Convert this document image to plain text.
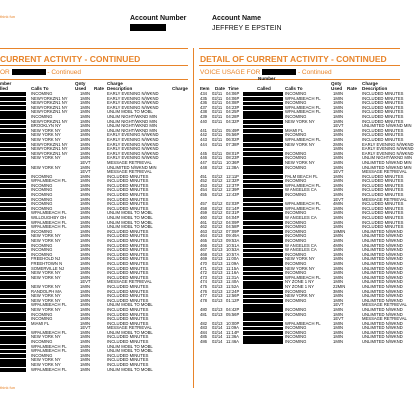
think fun	Account Number	Account Name
JEFFREY E EPSTEIN
CURRENT ACTIVITY - CONTINUED	DETAIL OF CURRENT ACTIVITY - CONTINUED
OR	- Continued	VOICE USAGE FOR	- Continued
mber
lled	Calls To
Qnty
Used Rate
Charge
Description	Charge
Number
Item Date Time	Called	Calls To
Qnty
Used Rate
Charge
Description
INCOMING	1MIN	EARLY EVENING N/WKND
NEWYORKZN1 NY	1MIN	EARLY EVENING N/WKND
NEWYORKZN1 NY	1MIN	EARLY EVENING N/WKND
NEWYORKZN1 NY	1MIN	EARLY EVENING N/WKND
NEWYORKZN1 NY	1MIN	UNLIM MOBL TO MOBL
INCOMING	1MIN	UNLIM NIGHT/WKND MIN
NEWYORKZN1 NY	1MIN	UNLIM NIGHT/WKND MIN
BROOKLYN NY	1MIN	UNLIM NIGHT/WKND MIN
NEW YORK NY	1MIN	UNLIM NIGHT/WKND MIN
NEW YORK NY	1MIN	EARLY EVENING N/WKND
NEW YORK NY	1MIN	EARLY EVENING N/WKND
NEWYORKZN1 NY	1MIN	EARLY EVENING N/WKND
NEWYORKZN1 NY	1MIN	EARLY EVENING N/WKND
NEWYORKZN1 NY	1MIN	EARLY EVENING N/WKND
NEW YORK NY	1MIN	EARLY EVENING N/WKND
1EVT	MESSAGE RETRIEVAL
NEW YORK NY	1MIN	UNLIMITED N/WKND MIN
1EVT	MESSAGE RETRIEVAL
INCOMING	1MIN	INCLUDED MINUTES
WPALMBEACH FL	1MIN	INCLUDED MINUTES
INCOMING	1MIN	INCLUDED MINUTES
INCOMING	1MIN	INCLUDED MINUTES
INCOMING	1MIN	INCLUDED MINUTES
INCOMING	1MIN	INCLUDED MINUTES
INCOMING	1MIN	INCLUDED MINUTES
INCOMING	1MIN	INCLUDED MINUTES
WPALMBEACH FL	1MIN	UNLIM MOBL TO MOBL
WILLOUGHBY OH	1MIN	UNLIM MOBL TO MOBL
WPALMBEACH FL	1MIN	UNLIM MOBL TO MOBL
WPALMBEACH FL	1MIN	UNLIM MOBL TO MOBL
INCOMING	1MIN	INCLUDED MINUTES
NEW YORK NY	1MIN	INCLUDED MINUTES
NEW YORK NY	1MIN	INCLUDED MINUTES
INCOMING	1MIN	INCLUDED MINUTES
INCOMING	1MIN	INCLUDED MINUTES
INCOMING	1MIN	INCLUDED MINUTES
FREEHOLD NJ	1MIN	INCLUDED MINUTES
FREEHTOWN N	1MIN	INCLUDED MINUTES
SOMERVILLE NJ	1MIN	INCLUDED MINUTES
NEW YORK NY	1MIN	INCLUDED MINUTES
NEW YORK NY	1MIN	INCLUDED MINUTES
1EVT	MESSAGE RETRIEVAL
NEW YORK NY	1MIN	INCLUDED MINUTES
RANDOLPH MA	1MIN	INCLUDED MINUTES
NEW YORK NY	1MIN	INCLUDED MINUTES
NEW YORK NY	1MIN	INCLUDED MINUTES
WPALMBEACH FL	1MIN	UNLIM MOBL TO MOBL
NEW YORK NY	1MIN	INCLUDED MINUTES
INCOMING	1MIN	INCLUDED MINUTES
INCOMING	1MIN	INCLUDED MINUTES
MIAMI FL	1MIN	INCLUDED MINUTES
1EVT	MESSAGE RETRIEVAL
WPALMBEACH FL	1MIN	UNLIM MOBL TO MOBL
NEW YORK NY	1MIN	INCLUDED MINUTES
INCOMING	1MIN	INCLUDED MINUTES
WPALMBEACH FL	1MIN	UNLIM MOBL TO MOBL
WPALMBEACH FL	1MIN	UNLIM MOBL TO MOBL
INCOMING	1MIN	INCLUDED MINUTES
NEW YORK NY	1MIN	INCLUDED MINUTES
NEW YORK NY	1MIN	INCLUDED MINUTES
WPALMBEACH FL	1MIN	UNLIM MOBL TO MOBL
434	02/11 04:06P	INCOMING	1MIN	INCLUDED MINUTES
435	02/11 04:06P	WPALMBEACH FL	1MIN	INCLUDED MINUTES
436	02/11 04:08P	INCOMING	1MIN	INCLUDED MINUTES
437	02/11 04:23P	WPALMBEACH FL	1MIN	INCLUDED MINUTES
438	02/11 04:25P	WPALMBEACH FL	1MIN	INCLUDED MINUTES
439	02/11 04:28P	INCOMING	1MIN	INCLUDED MINUTES
440	02/11 04:32P	NEW YORK NY	1MIN	INCLUDED MINUTES
1EVT	UNLIMITED N/WKND MIN
441	02/11 05:49P	MIAMI FL	1MIN	INCLUDED MINUTES
442	02/11 05:56P	INCOMING	1MIN	INCLUDED MINUTES
443	02/11 06:02P	WPALMBEACH FL	1MIN	INCLUDED MINUTES
444	02/11 07:38P	NEW YORK NY	2MIN	EARLY EVENING N/WKND
1MIN	EARLY EVENING N/WKND
445	02/11 08:01P	INCOMING	1MIN	EARLY EVENING N/WKND
446	02/11 08:23P	INCOMING	1MIN	UNLIM NIGHT/WKND MIN
447	02/11 10:36P	NEW YORK NY	1MIN	UNLIMITED N/WKND MIN
448	02/12 11:38A	INCOMING	1MIN	UNLIMITED N/WKND MIN
1EVT	MESSAGE RETRIEVAL
451	02/12 12:11P	PALM BEACH FL	1MIN	INCLUDED MINUTES
452	02/12 12:32P	INCOMING	1MIN	INCLUDED MINUTES
453	02/12 12:37P	WPALMBEACH FL	1MIN	INCLUDED MINUTES
454	02/12 12:39P	W ANGELES CA	1MIN	INCLUDED MINUTES
455	02/12 12:43P	INCOMING	1MIN	INCLUDED MINUTES
1EVT	MESSAGE RETRIEVAL
457	02/12 02:03P	WPALMBEACH FL	4MIN	INCLUDED MINUTES
458	02/12 02:14P	WPALMBEACH FL	1MIN	INCLUDED MINUTES
459	02/12 02:31P	INCOMING	1MIN	INCLUDED MINUTES
460	02/12 04:04P	W ANGELES CA	1MIN	INCLUDED MINUTES
461	02/12 04:09P	INCOMING	1MIN	INCLUDED MINUTES
462	02/12 04:58P	INCOMING	1MIN	INCLUDED MINUTES
463	02/12 07:09P	INCOMING	18MIN	UNLIMITED N/WKND
464	02/13 09:49A	INCOMING	1MIN	UNLIMITED N/WKND
465	02/13 09:53A	INCOMING	1MIN	UNLIMITED N/WKND
466	02/13 10:51A	W ANGELES CA	4MIN	UNLIMITED N/WKND
467	02/13 10:53A	W ANGELES CA	1MIN	UNLIMITED N/WKND
468	02/13 10:57A	INCOMING	1MIN	UNLIMITED N/WKND
469	02/13 11:00A	NEW YORK NY	1MIN	UNLIMITED N/WKND
470	02/13 11:09A	INCOMING	1MIN	UNLIMITED N/WKND
471	02/13 11:15A	NEW YORK NY	1MIN	UNLIMITED N/WKND
472	02/13 11:16A	INCOMING	1MIN	UNLIMITED N/WKND
473	02/13 11:31A	WPALMBEACH FL	1MIN	UNLIMITED N/WKND
474	02/13 11:40A	NY ZONE 1 NY	1MIN	UNLIMITED N/WKND
475	02/13 11:52A	NY ZONE 1 NY	22MIN	UNLIMITED N/WKND
476	02/13 12:24P	INCOMING	3MIN	UNLIMITED N/WKND
477	02/13 12:56P	NEW YORK NY	1MIN	UNLIMITED N/WKND
478	02/13 01:12P	INCOMING	1MIN	UNLIMITED N/WKND
1EVT	MESSAGE RETRIEVAL
480	02/13 04:42P	INCOMING	1MIN	UNLIMITED N/WKND
481	02/13 05:56P	INCOMING	1MIN	UNLIMITED N/WKND
1EVT	MESSAGE RETRIEVAL
482	02/13 10:00P	WPALMBEACH FL	1MIN	UNLIMITED N/WKND
483	02/14 11:09A	INCOMING	1MIN	UNLIMITED N/WKND
484	02/14 11:14P	INCOMING	1MIN	UNLIMITED N/WKND
485	02/14 11:36A	INCOMING	1MIN	UNLIMITED N/WKND
486	02/14 11:46A	INCOMING	1MIN	UNLIMITED N/WKND
think fun
